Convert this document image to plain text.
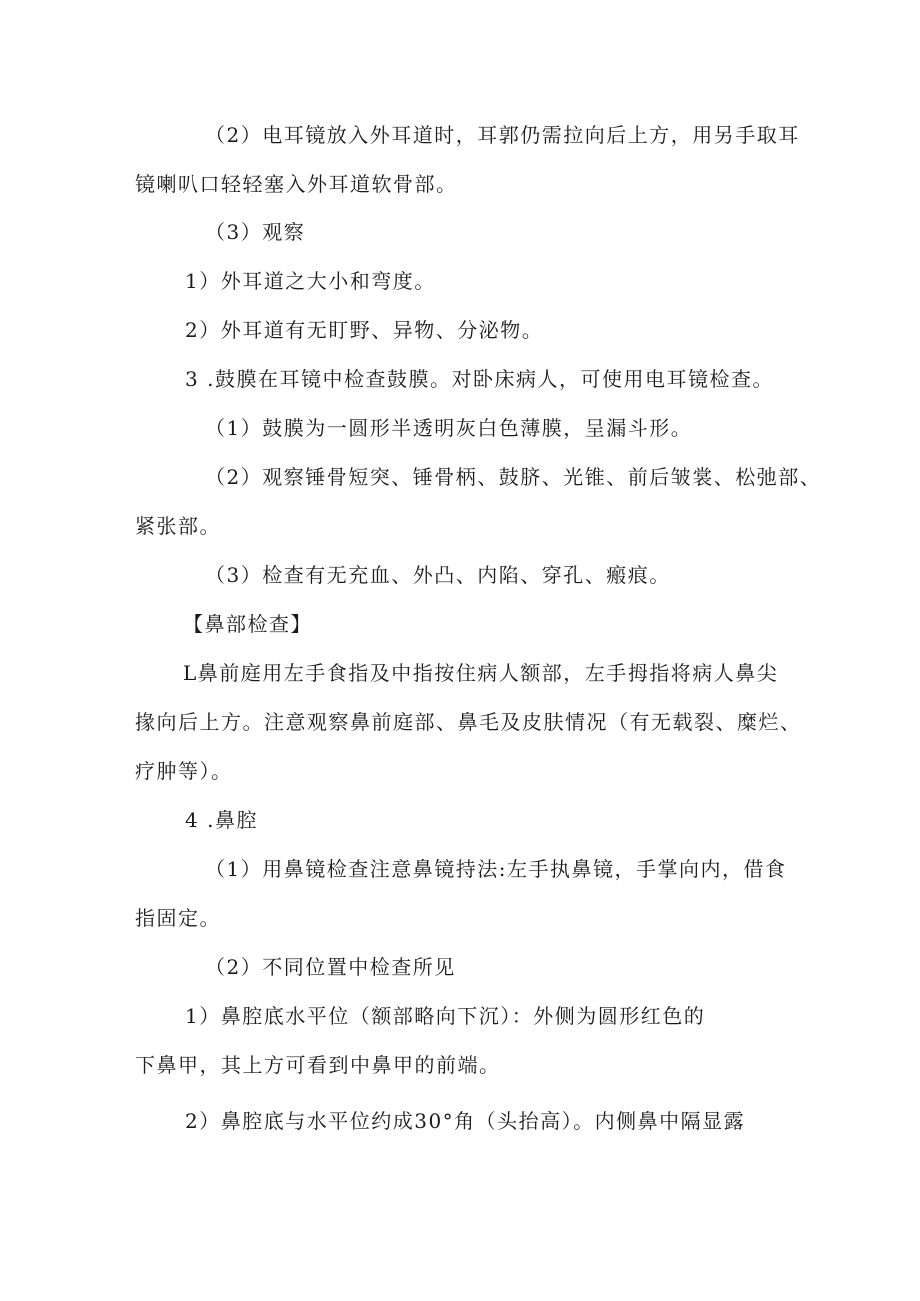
（2）电耳镜放入外耳道时，耳郭仍需拉向后上方，用另手取耳
镜喇叭口轻轻塞入外耳道软骨部。
（3）观察
1）外耳道之大小和弯度。
2）外耳道有无盯野、异物、分泌物。
3 .鼓膜在耳镜中检查鼓膜。对卧床病人，可使用电耳镜检查。
（1）鼓膜为一圆形半透明灰白色薄膜，呈漏斗形。
（2）观察锤骨短突、锤骨柄、鼓脐、光锥、前后皱裳、松弛部、
紧张部。
（3）检查有无充血、外凸、内陷、穿孔、瘢痕。
【鼻部检查】
L鼻前庭用左手食指及中指按住病人额部，左手拇指将病人鼻尖
掾向后上方。注意观察鼻前庭部、鼻毛及皮肤情况（有无载裂、糜烂、
疗肿等）。
4 .鼻腔
（1）用鼻镜检查注意鼻镜持法:左手执鼻镜，手掌向内，借食
指固定。
（2）不同位置中检查所见
1）鼻腔底水平位（额部略向下沉）：外侧为圆形红色的
下鼻甲，其上方可看到中鼻甲的前端。
2）鼻腔底与水平位约成30°角（头抬高）。内侧鼻中隔显露
